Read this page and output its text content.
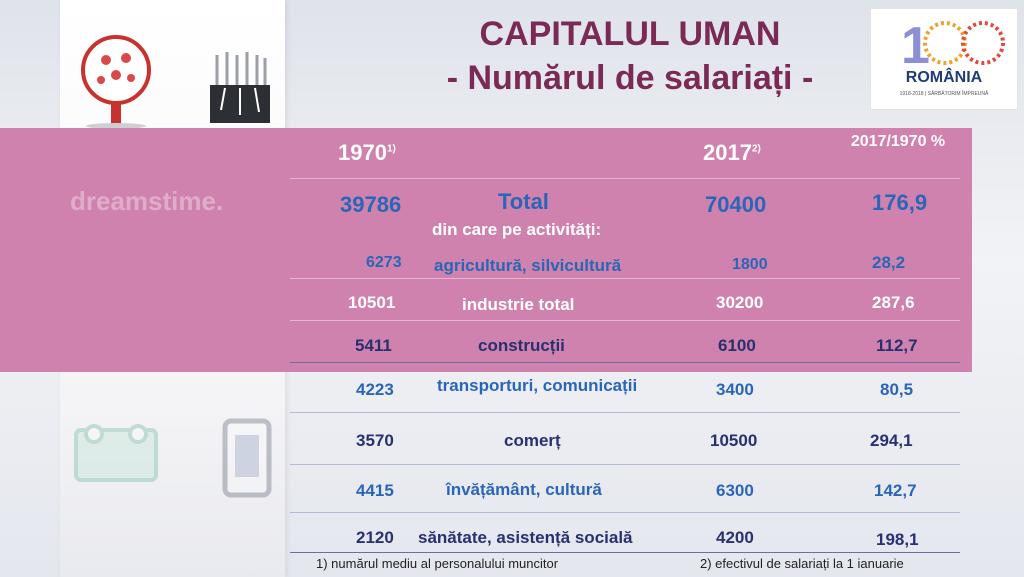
dreamstime.
CAPITALUL UMAN
- Numărul de salariați -
1
ROMÂNIA
1918-2018 | SĂRBĂTORIM ÎMPREUNĂ
1970$^{1)}$	2017$^{2)}$	2017/1970 %
39786	Total	70400	176,9
din care pe activități:
6273 agricultură, silvicultură	1800	28,2
10501	industrie total	30200	287,6
5411	construcții	6100	112,7
4223	transporturi, comunicații	3400	80,5
3570	comerț	10500	294,1
4415	învățământ, cultură	6300	142,7
2120 sănătate, asistență socială	4200	198,1
1) numărul mediu al personalului muncitor	2) efectivul de salariați la 1 ianuarie
